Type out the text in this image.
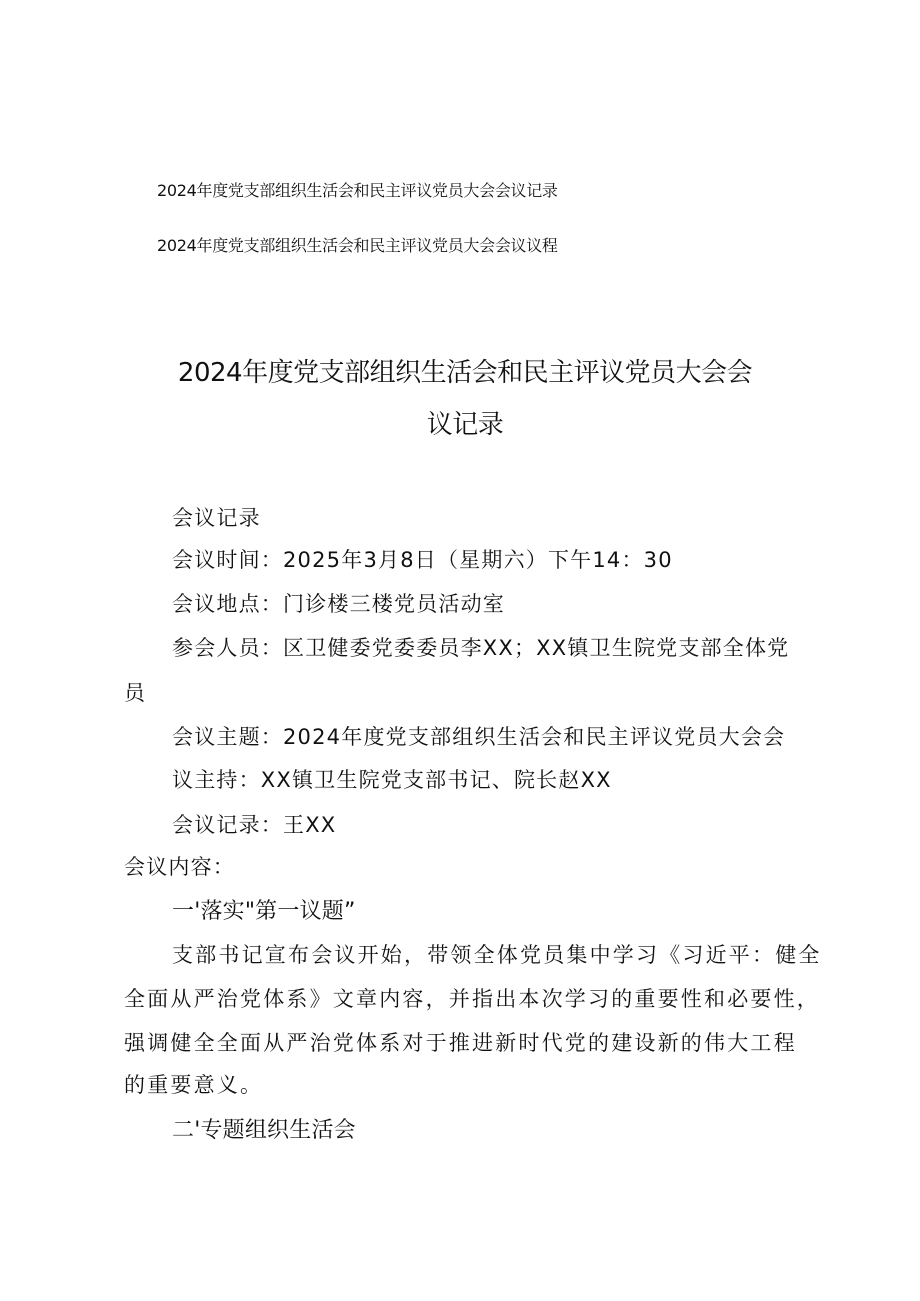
2024年度党支部组织生活会和民主评议党员大会会议记录
2024年度党支部组织生活会和民主评议党员大会会议议程
2024年度党支部组织生活会和民主评议党员大会会
议记录
会议记录
会议时间：2025年3月8日（星期六）下午14：30
会议地点：门诊楼三楼党员活动室
参会人员：区卫健委党委委员李XX；XX镇卫生院党支部全体党
员
会议主题：2024年度党支部组织生活会和民主评议党员大会会
议主持：XX镇卫生院党支部书记、院长赵XX
会议记录：王XX
会议内容：
一'落实"第一议题”
支部书记宣布会议开始，带领全体党员集中学习《习近平：健全
全面从严治党体系》文章内容，并指出本次学习的重要性和必要性，
强调健全全面从严治党体系对于推进新时代党的建设新的伟大工程
的重要意义。
二'专题组织生活会
